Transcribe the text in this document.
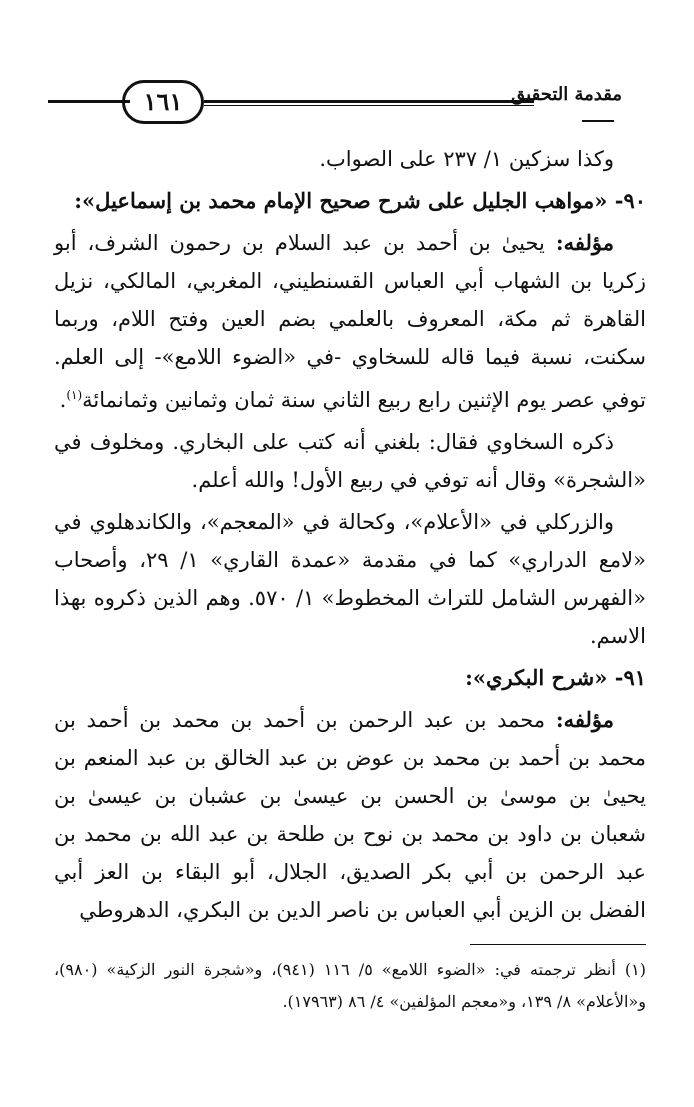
١٦١	مقدمة التحقيق

وكذا سزكين ١/ ٢٣٧ على الصواب.

٩٠- «مواهب الجليل على شرح صحيح الإمام محمد بن إسماعيل»:

مؤلفه: يحيىٰ بن أحمد بن عبد السلام بن رحمون الشرف، أبو زكريا بن الشهاب أبي العباس القسنطيني، المغربي، المالكي، نزيل القاهرة ثم مكة، المعروف بالعلمي بضم العين وفتح اللام، وربما سكنت، نسبة فيما قاله للسخاوي -في «الضوء اللامع»- إلى العلم. توفي عصر يوم الإثنين رابع ربيع الثاني سنة ثمان وثمانين وثمانمائة$^{(١)}$.

ذكره السخاوي فقال: بلغني أنه كتب على البخاري. ومخلوف في «الشجرة» وقال أنه توفي في ربيع الأول! والله أعلم.

والزركلي في «الأعلام»، وكحالة في «المعجم»، والكاندهلوي في «لامع الدراري» كما في مقدمة «عمدة القاري» ١/ ٢٩، وأصحاب «الفهرس الشامل للتراث المخطوط» ١/ ٥٧٠. وهم الذين ذكروه بهذا الاسم.

٩١- «شرح البكري»:

مؤلفه: محمد بن عبد الرحمن بن أحمد بن محمد بن أحمد بن محمد بن أحمد بن محمد بن عوض بن عبد الخالق بن عبد المنعم بن يحيىٰ بن موسىٰ بن الحسن بن عيسىٰ بن عشبان بن عيسىٰ بن شعبان بن داود بن محمد بن نوح بن طلحة بن عبد الله بن محمد بن عبد الرحمن بن أبي بكر الصديق، الجلال، أبو البقاء بن العز أبي الفضل بن الزين أبي العباس بن ناصر الدين بن البكري، الدهروطي

(١) أنظر ترجمته في: «الضوء اللامع» ٥/ ١١٦ (٩٤١)، و«شجرة النور الزكية» (٩٨٠)، و«الأعلام» ٨/ ١٣٩، و«معجم المؤلفين» ٤/ ٨٦ (١٧٩٦٣).
